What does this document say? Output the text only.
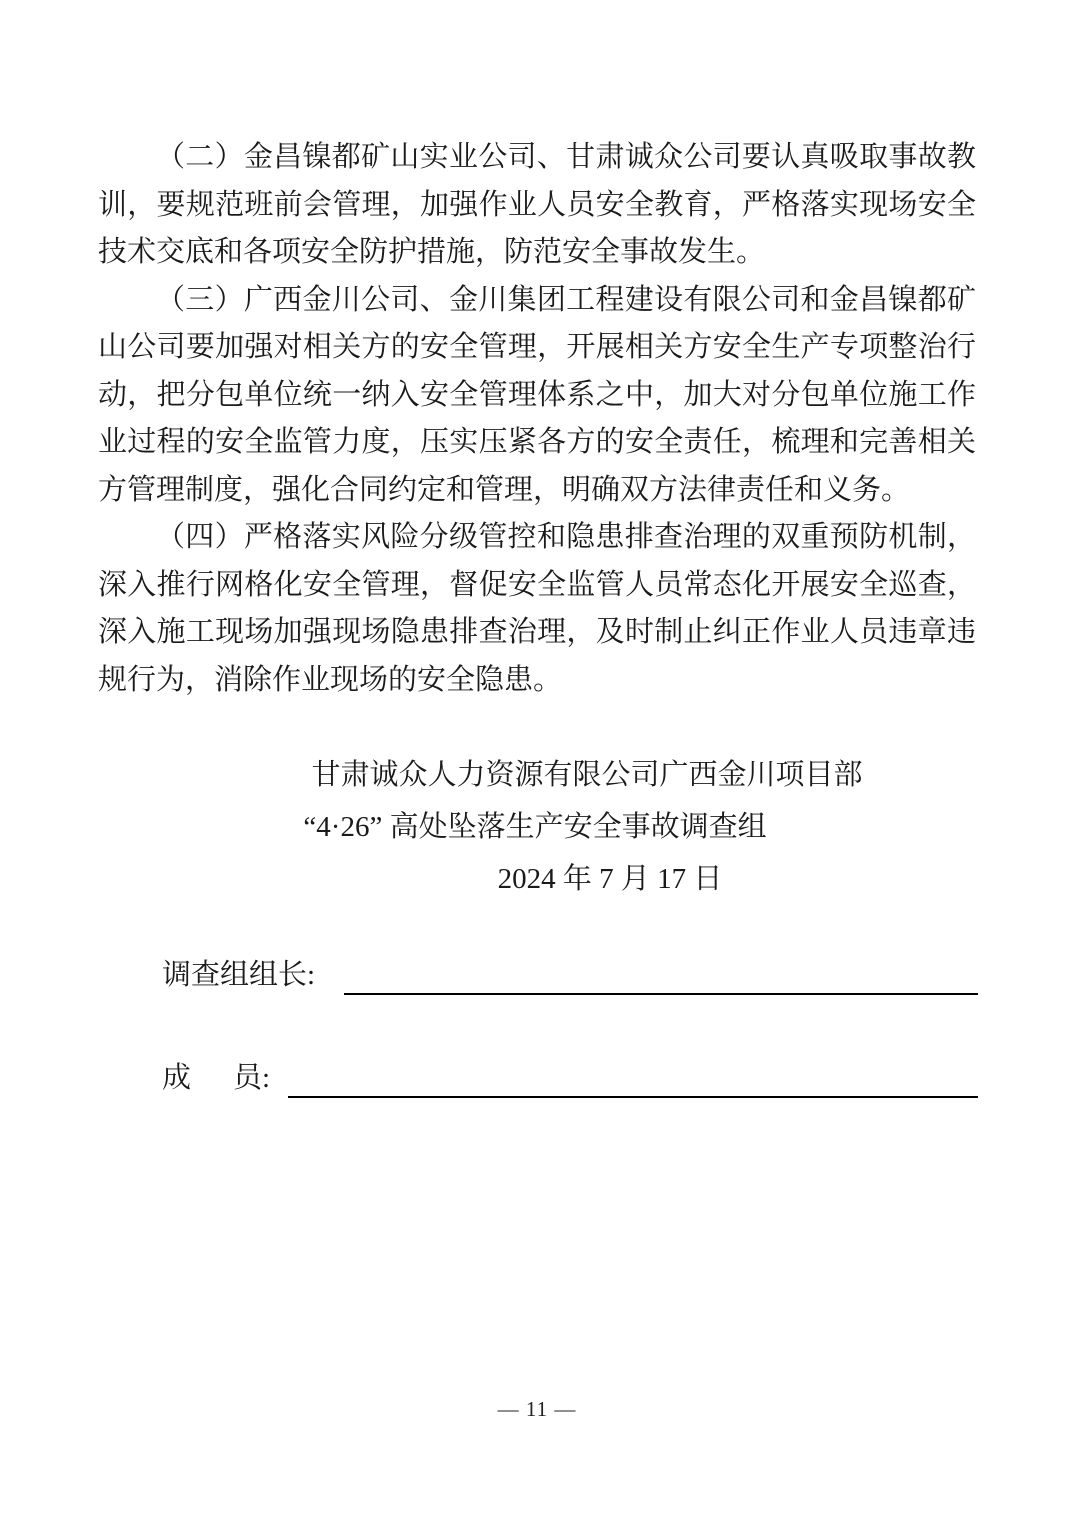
（二）金昌镍都矿山实业公司、甘肃诚众公司要认真吸取事故教
训，要规范班前会管理，加强作业人员安全教育，严格落实现场安全
技术交底和各项安全防护措施，防范安全事故发生。
（三）广西金川公司、金川集团工程建设有限公司和金昌镍都矿
山公司要加强对相关方的安全管理，开展相关方安全生产专项整治行
动，把分包单位统一纳入安全管理体系之中，加大对分包单位施工作
业过程的安全监管力度，压实压紧各方的安全责任，梳理和完善相关
方管理制度，强化合同约定和管理，明确双方法律责任和义务。
（四）严格落实风险分级管控和隐患排查治理的双重预防机制，
深入推行网格化安全管理，督促安全监管人员常态化开展安全巡查，
深入施工现场加强现场隐患排查治理，及时制止纠正作业人员违章违
规行为，消除作业现场的安全隐患。
甘肃诚众人力资源有限公司广西金川项目部
“4·26” 高处坠落生产安全事故调查组
2024 年 7 月 17 日
调查组组长:
成 员:
— 11 —
